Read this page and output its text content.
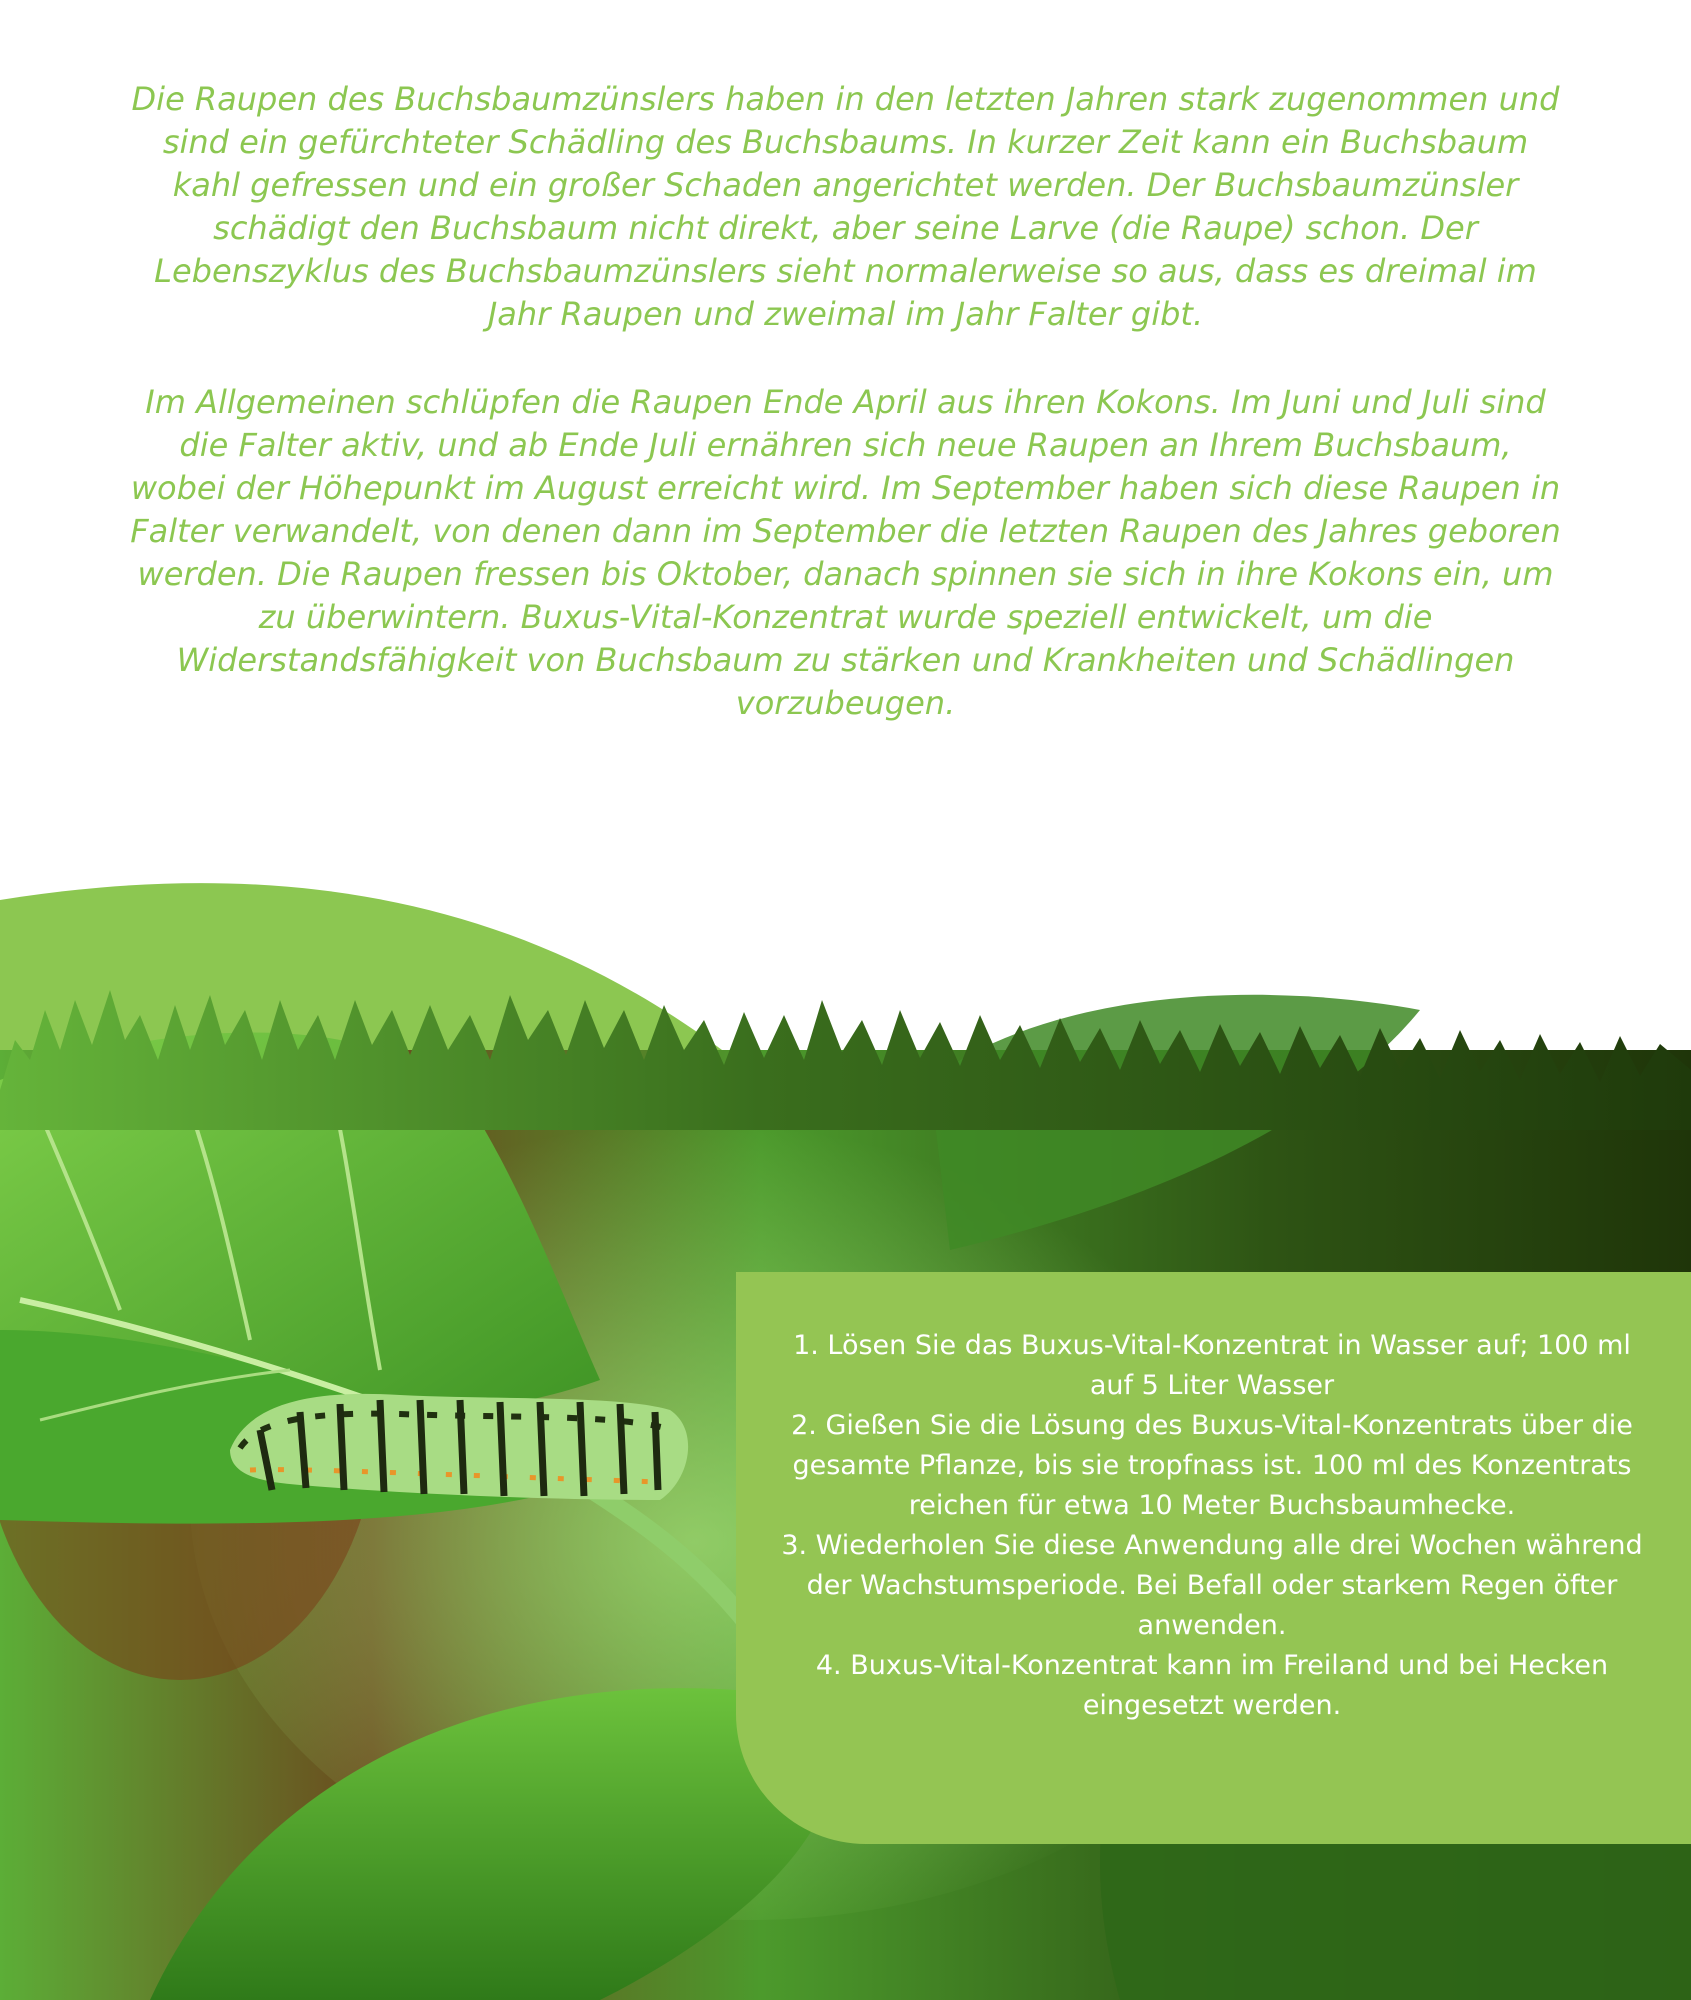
Die Raupen des Buchsbaumzünslers haben in den letzten Jahren stark zugenommen und sind ein gefürchteter Schädling des Buchsbaums. In kurzer Zeit kann ein Buchsbaum kahl gefressen und ein großer Schaden angerichtet werden. Der Buchsbaumzünsler schädigt den Buchsbaum nicht direkt, aber seine Larve (die Raupe) schon. Der Lebenszyklus des Buchsbaumzünslers sieht normalerweise so aus, dass es dreimal im Jahr Raupen und zweimal im Jahr Falter gibt.

Im Allgemeinen schlüpfen die Raupen Ende April aus ihren Kokons. Im Juni und Juli sind die Falter aktiv, und ab Ende Juli ernähren sich neue Raupen an Ihrem Buchsbaum, wobei der Höhepunkt im August erreicht wird. Im September haben sich diese Raupen in Falter verwandelt, von denen dann im September die letzten Raupen des Jahres geboren werden. Die Raupen fressen bis Oktober, danach spinnen sie sich in ihre Kokons ein, um zu überwintern. Buxus-Vital-Konzentrat wurde speziell entwickelt, um die Widerstandsfähigkeit von Buchsbaum zu stärken und Krankheiten und Schädlingen vorzubeugen.

1. Lösen Sie das Buxus-Vital-Konzentrat in Wasser auf; 100 ml auf 5 Liter Wasser
2. Gießen Sie die Lösung des Buxus-Vital-Konzentrats über die gesamte Pflanze, bis sie tropfnass ist. 100 ml des Konzentrats reichen für etwa 10 Meter Buchsbaumhecke.
3. Wiederholen Sie diese Anwendung alle drei Wochen während der Wachstumsperiode. Bei Befall oder starkem Regen öfter anwenden.
4. Buxus-Vital-Konzentrat kann im Freiland und bei Hecken eingesetzt werden.
